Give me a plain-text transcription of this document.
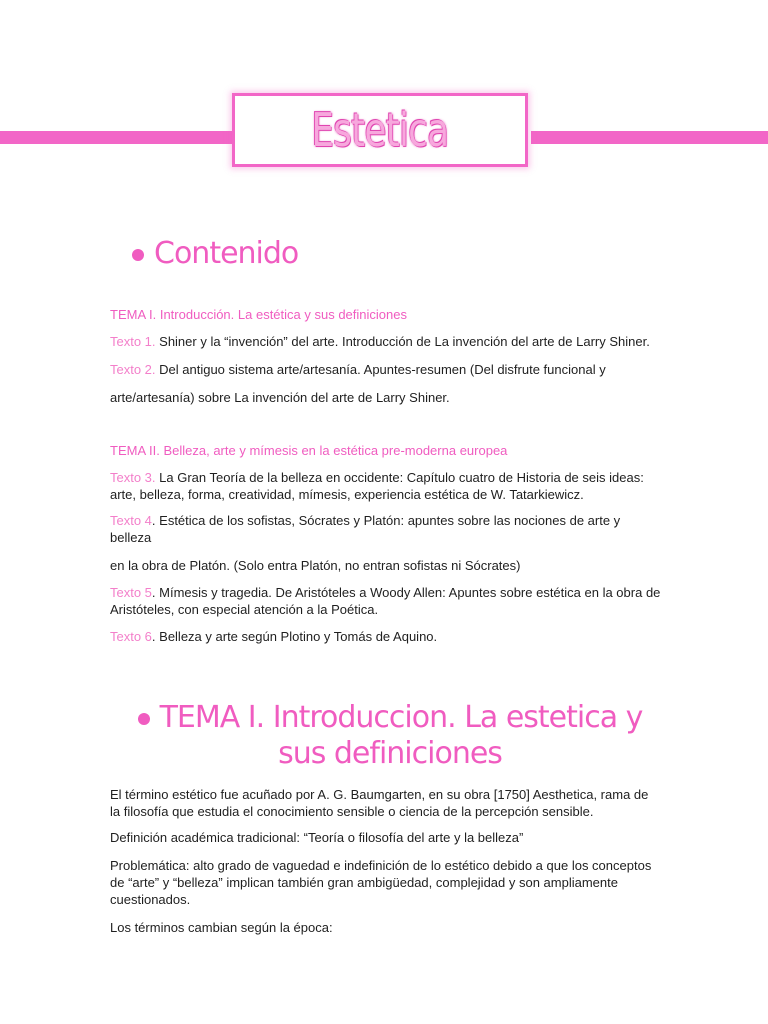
Estetica
Contenido

TEMA I. Introducción. La estética y sus definiciones

Texto 1. Shiner y la “invención” del arte. Introducción de La invención del arte de Larry Shiner.

Texto 2. Del antiguo sistema arte/artesanía. Apuntes-resumen (Del disfrute funcional y

arte/artesanía) sobre La invención del arte de Larry Shiner.

TEMA II. Belleza, arte y mímesis en la estética pre-moderna europea

Texto 3. La Gran Teoría de la belleza en occidente: Capítulo cuatro de Historia de seis ideas: arte, belleza, forma, creatividad, mímesis, experiencia estética de W. Tatarkiewicz.

Texto 4. Estética de los sofistas, Sócrates y Platón: apuntes sobre las nociones de arte y belleza

en la obra de Platón. (Solo entra Platón, no entran sofistas ni Sócrates)

Texto 5. Mímesis y tragedia. De Aristóteles a Woody Allen: Apuntes sobre estética en la obra de Aristóteles, con especial atención a la Poética.

Texto 6. Belleza y arte según Plotino y Tomás de Aquino.

TEMA I. Introduccion. La estetica y sus definiciones

El término estético fue acuñado por A. G. Baumgarten, en su obra [1750] Aesthetica, rama de la filosofía que estudia el conocimiento sensible o ciencia de la percepción sensible.

Definición académica tradicional: “Teoría o filosofía del arte y la belleza”

Problemática: alto grado de vaguedad e indefinición de lo estético debido a que los conceptos de “arte” y “belleza” implican también gran ambigüedad, complejidad y son ampliamente cuestionados.

Los términos cambian según la época:
